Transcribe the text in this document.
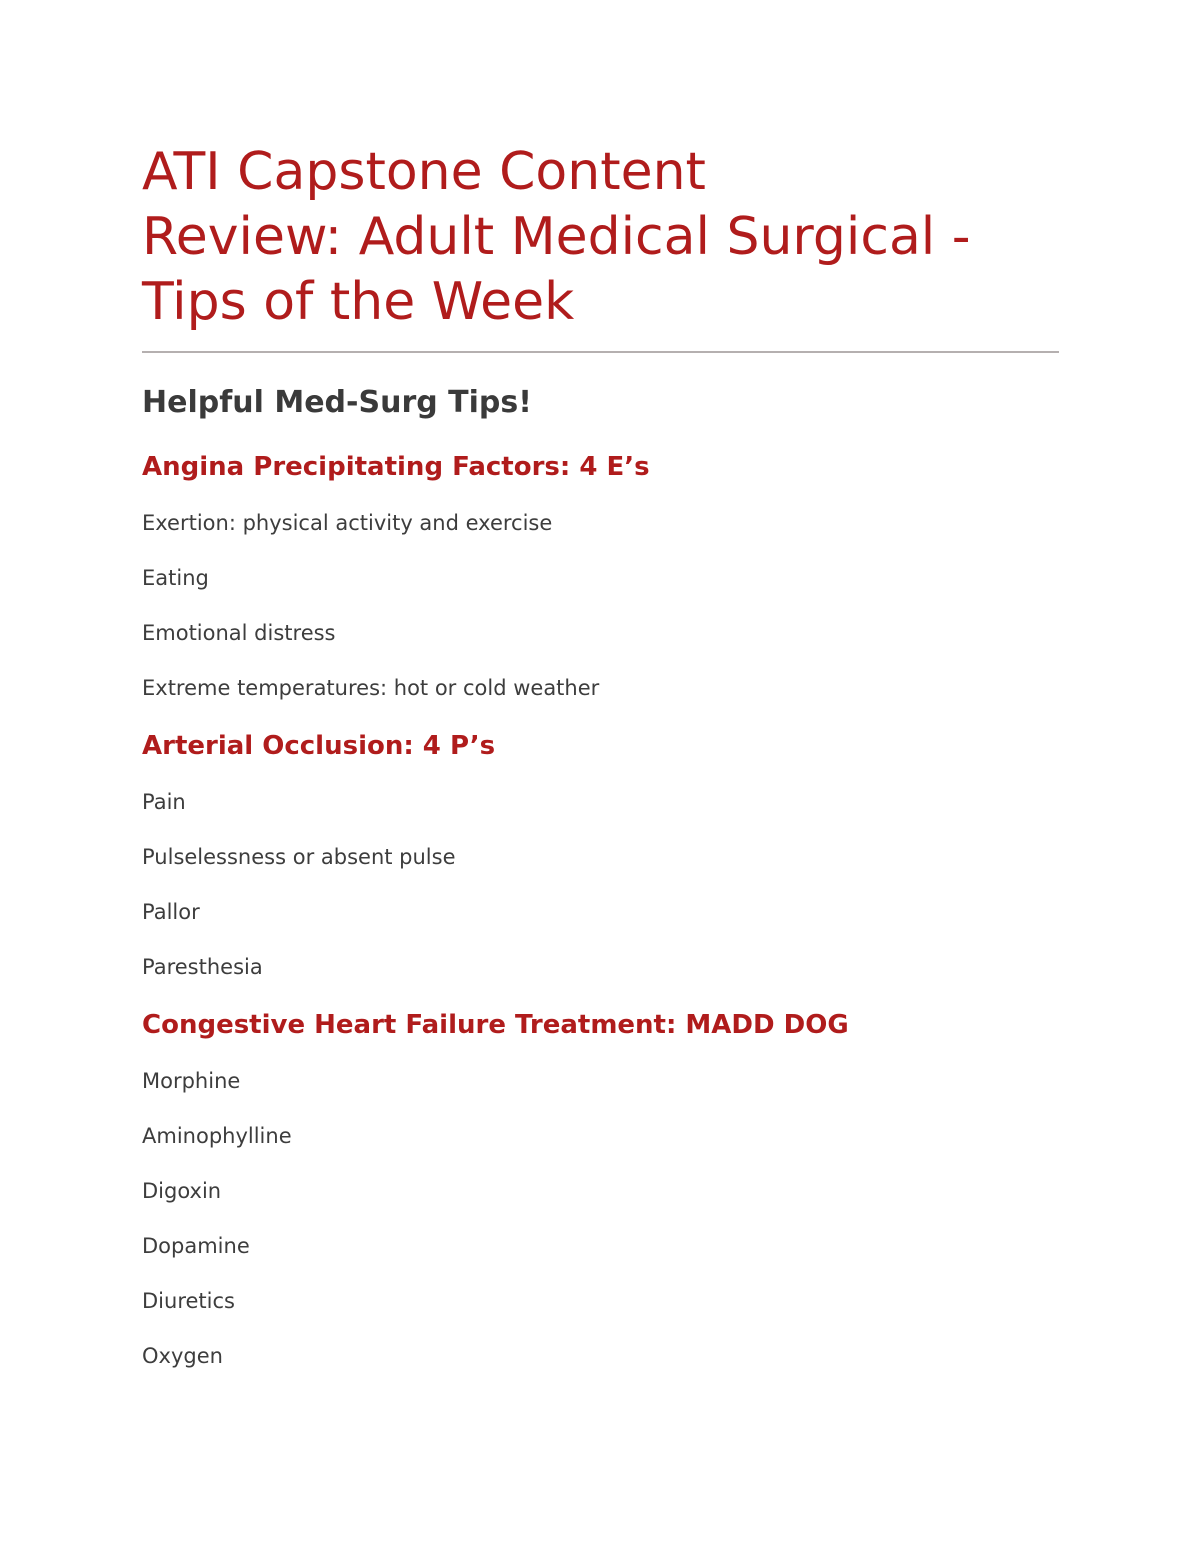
ATI Capstone Content
Review: Adult Medical Surgical -
Tips of the Week
Helpful Med-Surg Tips!
Angina Precipitating Factors: 4 E’s
Exertion: physical activity and exercise
Eating
Emotional distress
Extreme temperatures: hot or cold weather
Arterial Occlusion: 4 P’s
Pain
Pulselessness or absent pulse
Pallor
Paresthesia
Congestive Heart Failure Treatment: MADD DOG
Morphine
Aminophylline
Digoxin
Dopamine
Diuretics
Oxygen
